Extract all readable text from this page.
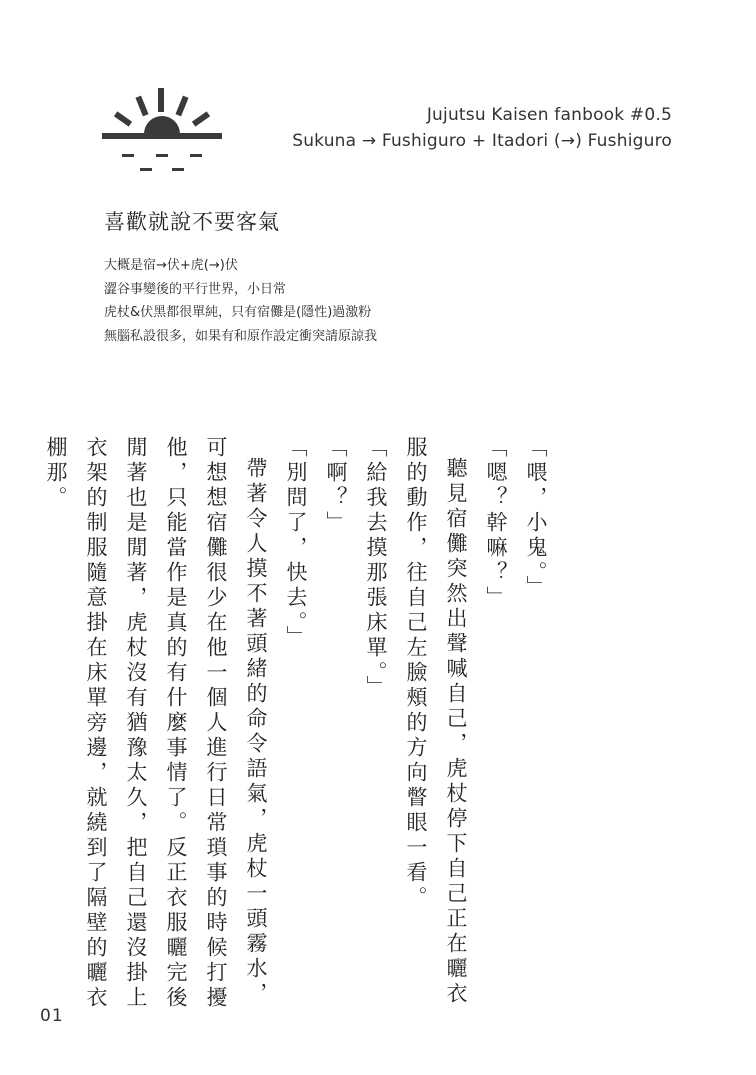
Jujutsu Kaisen fanbook #0.5
Sukuna → Fushiguro + Itadori (→) Fushiguro
喜歡就說不要客氣
大概是宿→伏+虎(→)伏
澀谷事變後的平行世界，小日常
虎杖&伏黑都很單純，只有宿儺是(隱性)過激粉
無腦私設很多，如果有和原作設定衝突請原諒我

「喂，小鬼。」

「嗯？幹嘛？」

聽見宿儺突然出聲喊自己，虎杖停下自己正在曬衣服的動作，往自己左臉頰的方向瞥眼一看。

「給我去摸那張床單。」

「啊？」

「別問了，快去。」

帶著令人摸不著頭緒的命令語氣，虎杖一頭霧水，可想想宿儺很少在他一個人進行日常瑣事的時候打擾他，只能當作是真的有什麼事情了。反正衣服曬完後閒著也是閒著，虎杖沒有猶豫太久，把自己還沒掛上衣架的制服隨意掛在床單旁邊，就繞到了隔壁的曬衣棚那。

01
